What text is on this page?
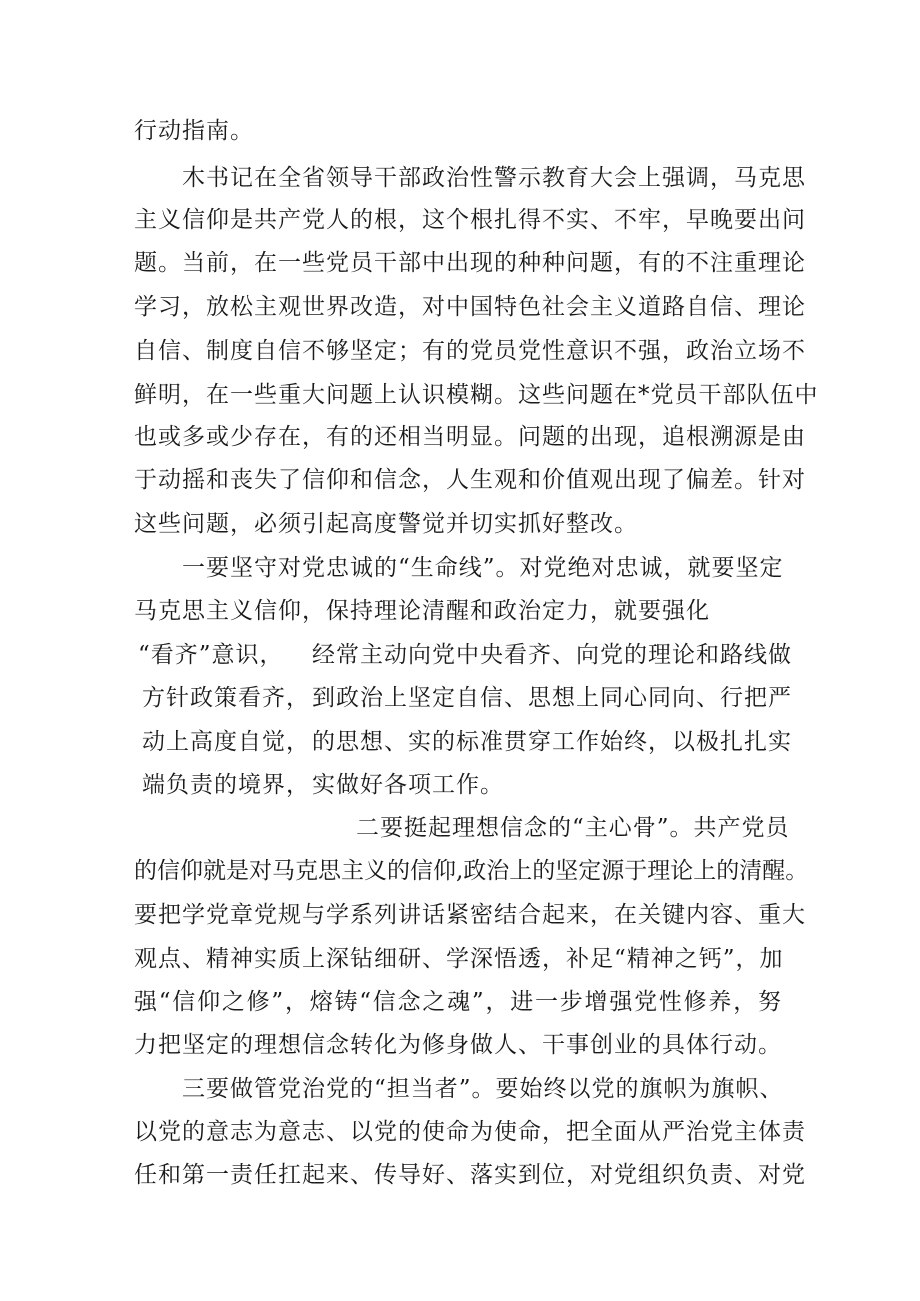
行动指南。
木书记在全省领导干部政治性警示教育大会上强调，马克思
主义信仰是共产党人的根，这个根扎得不实、不牢，早晚要出问
题。当前，在一些党员干部中出现的种种问题，有的不注重理论
学习，放松主观世界改造，对中国特色社会主义道路自信、理论
自信、制度自信不够坚定；有的党员党性意识不强，政治立场不
鲜明，在一些重大问题上认识模糊。这些问题在*党员干部队伍中
也或多或少存在，有的还相当明显。问题的出现，追根溯源是由
于动摇和丧失了信仰和信念，人生观和价值观出现了偏差。针对
这些问题，必须引起高度警觉并切实抓好整改。
一要坚守对党忠诚的“生命线”。对党绝对忠诚，就要坚定
马克思主义信仰，保持理论清醒和政治定力，就要强化
“看齐”意识， 经常主动向党中央看齐、向党的理论和路线做
方针政策看齐， 到政治上坚定自信、思想上同心同向、行把严
动上高度自觉， 的思想、实的标准贯穿工作始终，以极扎扎实
端负责的境界， 实做好各项工作。
二要挺起理想信念的“主心骨”。共产党员
的信仰就是对马克思主义的信仰,政治上的坚定源于理论上的清醒。
要把学党章党规与学系列讲话紧密结合起来，在关键内容、重大
观点、精神实质上深钻细研、学深悟透，补足“精神之钙”，加
强“信仰之修”，熔铸“信念之魂”，进一步增强党性修养，努
力把坚定的理想信念转化为修身做人、干事创业的具体行动。
三要做管党治党的“担当者”。要始终以党的旗帜为旗帜、
以党的意志为意志、以党的使命为使命，把全面从严治党主体责
任和第一责任扛起来、传导好、落实到位，对党组织负责、对党
